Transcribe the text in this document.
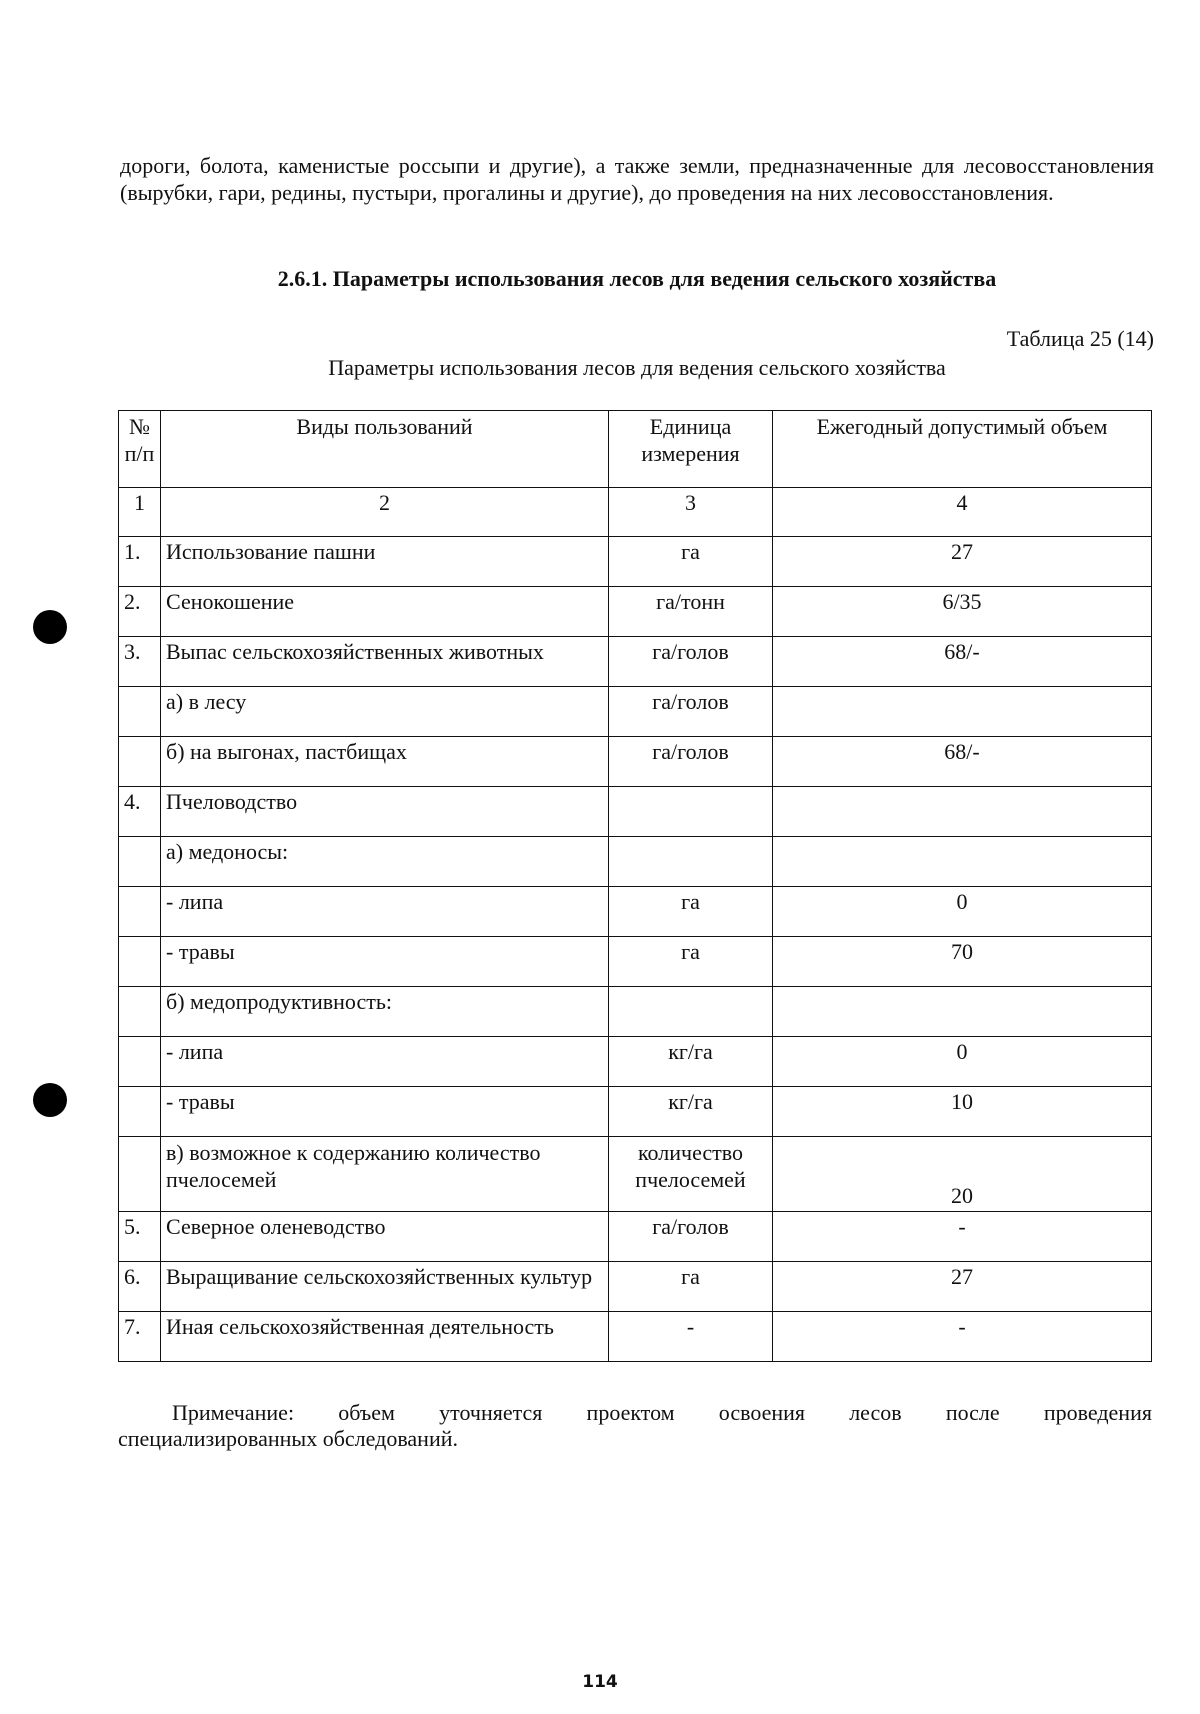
дороги, болота, каменистые россыпи и другие), а также земли, предназначенные для лесовосстановления (вырубки, гари, редины, пустыри, прогалины и другие), до проведения на них лесовосстановления.
2.6.1. Параметры использования лесов для ведения сельского хозяйства
Таблица 25 (14)
Параметры использования лесов для ведения сельского хозяйства
№ п/п	Виды пользований	Единица измерения	Ежегодный допустимый объем
1	2	3	4
1.	Использование пашни	га	27
2.	Сенокошение	га/тонн	6/35
3.	Выпас сельскохозяйственных животных	га/голов	68/-
	а) в лесу	га/голов	
	б) на выгонах, пастбищах	га/голов	68/-
4.	Пчеловодство		
	а) медоносы:		
	- липа	га	0
	- травы	га	70
	б) медопродуктивность:		
	- липа	кг/га	0
	- травы	кг/га	10
	в) возможное к содержанию количество пчелосемей	количество пчелосемей	20
5.	Северное оленеводство	га/голов	-
6.	Выращивание сельскохозяйственных культур	га	27
7.	Иная сельскохозяйственная деятельность	-	-
Примечание: объем уточняется проектом освоения лесов после проведения
специализированных обследований.
114
